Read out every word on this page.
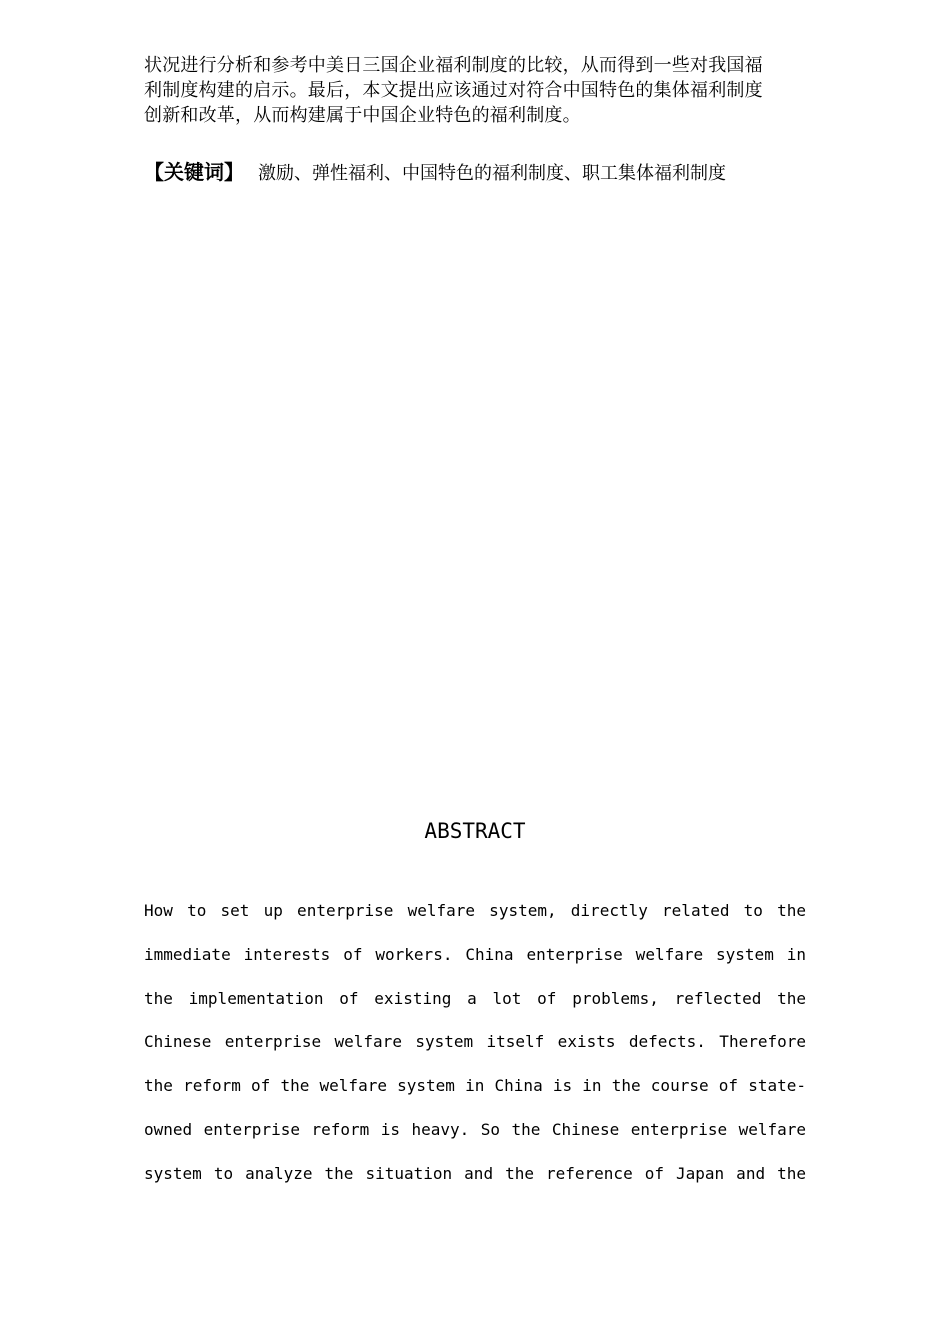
状况进行分析和参考中美日三国企业福利制度的比较，从而得到一些对我国福
利制度构建的启示。最后，本文提出应该通过对符合中国特色的集体福利制度
创新和改革，从而构建属于中国企业特色的福利制度。

【关键词】 激励、弹性福利、中国特色的福利制度、职工集体福利制度
ABSTRACT
How to set up enterprise welfare system, directly related to the
immediate interests of workers. China enterprise welfare system in
the implementation of existing a lot of problems, reflected the
Chinese enterprise welfare system itself exists defects. Therefore
the reform of the welfare system in China is in the course of state-
owned enterprise reform is heavy. So the Chinese enterprise welfare
system to analyze the situation and the reference of Japan and the
